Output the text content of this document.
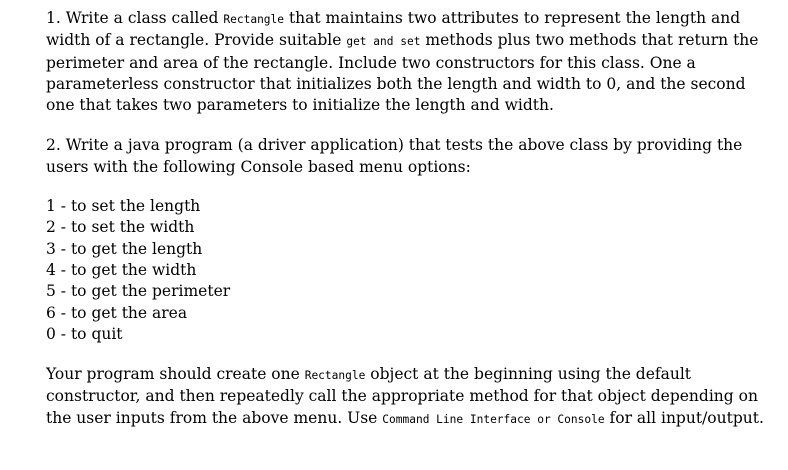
1. Write a class called Rectangle that maintains two attributes to represent the length and width of a rectangle. Provide suitable get and set methods plus two methods that return the perimeter and area of the rectangle. Include two constructors for this class. One a parameterless constructor that initializes both the length and width to 0, and the second one that takes two parameters to initialize the length and width.

2. Write a java program (a driver application) that tests the above class by providing the users with the following Console based menu options:

1 - to set the length
2 - to set the width
3 - to get the length
4 - to get the width
5 - to get the perimeter
6 - to get the area
0 - to quit

Your program should create one Rectangle object at the beginning using the default constructor, and then repeatedly call the appropriate method for that object depending on the user inputs from the above menu. Use Command Line Interface or Console for all input/output.
